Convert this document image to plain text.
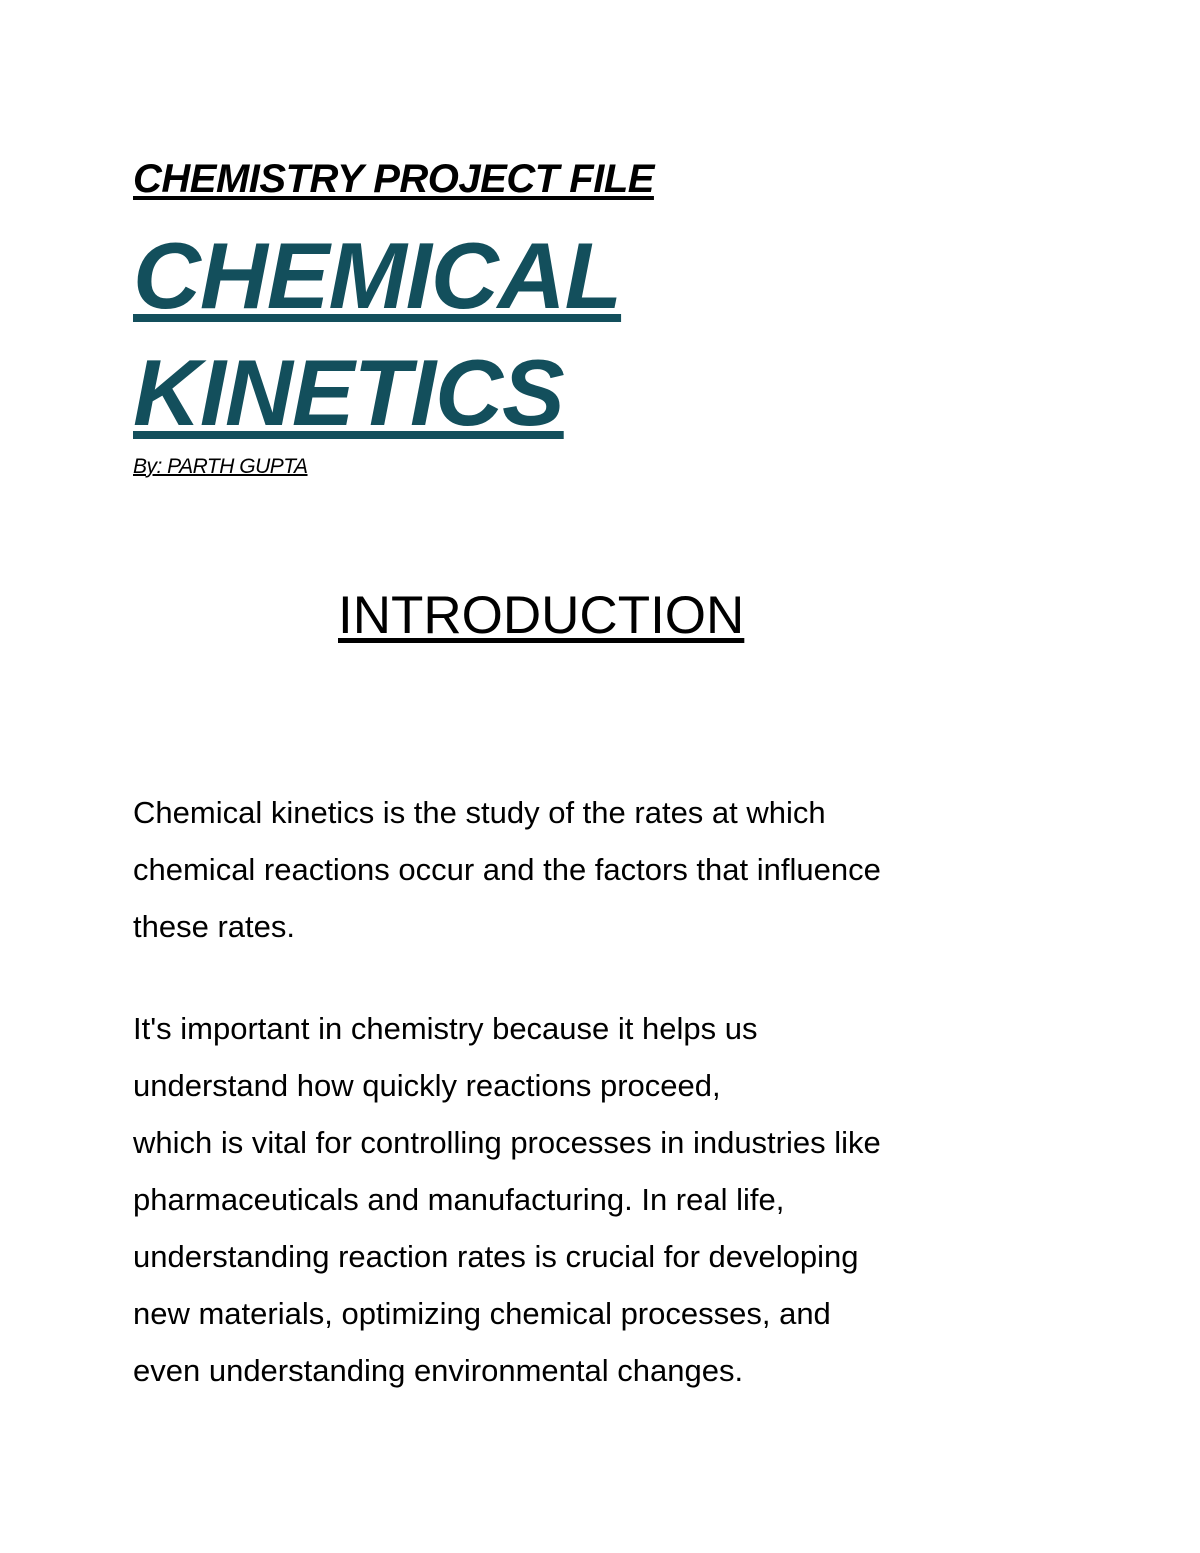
CHEMISTRY PROJECT FILE
CHEMICAL
KINETICS
By: PARTH GUPTA
INTRODUCTION
Chemical kinetics is the study of the rates at which
chemical reactions occur and the factors that influence
these rates.
It's important in chemistry because it helps us
understand how quickly reactions proceed,
which is vital for controlling processes in industries like
pharmaceuticals and manufacturing. In real life,
understanding reaction rates is crucial for developing
new materials, optimizing chemical processes, and
even understanding environmental changes.
